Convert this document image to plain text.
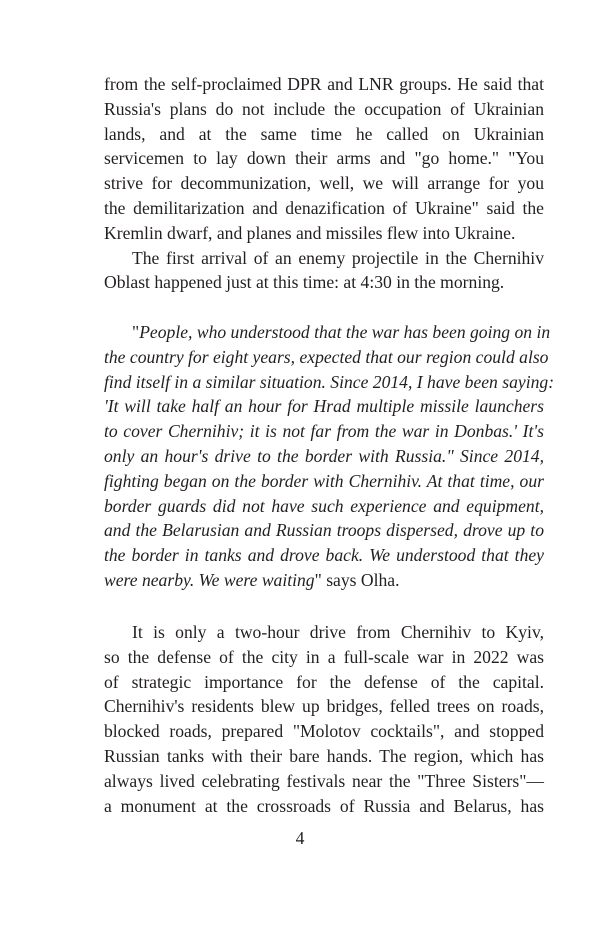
from the self-proclaimed DPR and LNR groups. He said that
Russia's plans do not include the occupation of Ukrainian
lands, and at the same time he called on Ukrainian
servicemen to lay down their arms and "go home." "You
strive for decommunization, well, we will arrange for you
the demilitarization and denazification of Ukraine" said the
Kremlin dwarf, and planes and missiles flew into Ukraine.
The first arrival of an enemy projectile in the Chernihiv
Oblast happened just at this time: at 4:30 in the morning.
"People, who understood that the war has been going on in
the country for eight years, expected that our region could also
find itself in a similar situation. Since 2014, I have been saying:
'It will take half an hour for Hrad multiple missile launchers
to cover Chernihiv; it is not far from the war in Donbas.' It's
only an hour's drive to the border with Russia." Since 2014,
fighting began on the border with Chernihiv. At that time, our
border guards did not have such experience and equipment,
and the Belarusian and Russian troops dispersed, drove up to
the border in tanks and drove back. We understood that they
were nearby. We were waiting" says Olha.
It is only a two-hour drive from Chernihiv to Kyiv,
so the defense of the city in a full-scale war in 2022 was
of strategic importance for the defense of the capital.
Chernihiv's residents blew up bridges, felled trees on roads,
blocked roads, prepared "Molotov cocktails", and stopped
Russian tanks with their bare hands. The region, which has
always lived celebrating festivals near the "Three Sisters"—
a monument at the crossroads of Russia and Belarus, has
4
